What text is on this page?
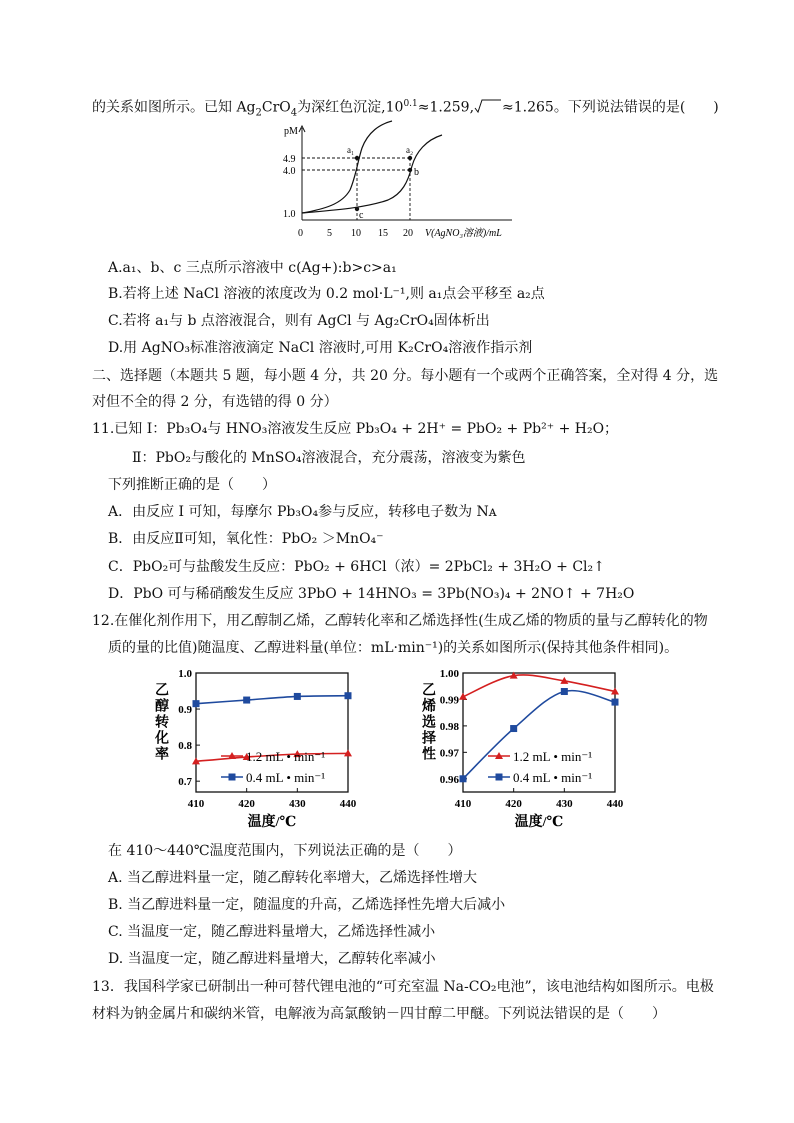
的关系如图所示。已知 $Ag_2CrO_4$为深红色沉淀$,10^{0.1}\approx 1.259$, ≈1.265。下列说法错误的是(　　)
pM
4.9
4.0
1.0
0 5 10 15 20 V(AgNO₃溶液)/mL
a₁	a₂
b
c
A.a₁、b、c 三点所示溶液中 c(Ag+):b>c>a₁
B.若将上述 NaCl 溶液的浓度改为 0.2 mol·L⁻¹,则 a₁点会平移至 a₂点
C.若将 a₁与 b 点溶液混合，则有 AgCl 与 Ag₂CrO₄固体析出
D.用 AgNO₃标准溶液滴定 NaCl 溶液时,可用 K₂CrO₄溶液作指示剂
二、选择题（本题共 5 题，每小题 4 分，共 20 分。每小题有一个或两个正确答案，全对得 4 分，选
对但不全的得 2 分，有选错的得 0 分）
11.已知 Ⅰ：Pb₃O₄与 HNO₃溶液发生反应 Pb₃O₄ + 2H⁺ = PbO₂ + Pb²⁺ + H₂O；
Ⅱ：PbO₂与酸化的 MnSO₄溶液混合，充分震荡，溶液变为紫色
下列推断正确的是（　　）
A．由反应 I 可知，每摩尔 Pb₃O₄参与反应，转移电子数为 Nᴀ
B．由反应Ⅱ可知，氧化性：PbO₂ ＞MnO₄⁻
C．PbO₂可与盐酸发生反应：PbO₂ + 6HCl（浓）= 2PbCl₂ + 3H₂O + Cl₂↑
D．PbO 可与稀硝酸发生反应 3PbO + 14HNO₃ = 3Pb(NO₃)₄ + 2NO↑ + 7H₂O
12.在催化剂作用下，用乙醇制乙烯，乙醇转化率和乙烯选择性(生成乙烯的物质的量与乙醇转化的物
质的量的比值)随温度、乙醇进料量(单位：mL·min⁻¹)的关系如图所示(保持其他条件相同)。
410	420	430	440
1.0
0.9
0.8
0.7
温度/℃
乙醇转化率	1.2 mL • min⁻¹
0.4 mL • min⁻¹
410	420	430	440
1.00
0.99
0.98
0.97
0.96
温度/℃
乙烯选择性	1.2 mL • min⁻¹
0.4 mL • min⁻¹
在 410～440℃温度范围内，下列说法正确的是（　　）
A. 当乙醇进料量一定，随乙醇转化率增大，乙烯选择性增大
B. 当乙醇进料量一定，随温度的升高，乙烯选择性先增大后减小
C. 当温度一定，随乙醇进料量增大，乙烯选择性减小
D. 当温度一定，随乙醇进料量增大，乙醇转化率减小
13．我国科学家已研制出一种可替代锂电池的“可充室温 Na-CO₂电池”，该电池结构如图所示。电极
材料为钠金属片和碳纳米管，电解液为高氯酸钠－四甘醇二甲醚。下列说法错误的是（　　）
